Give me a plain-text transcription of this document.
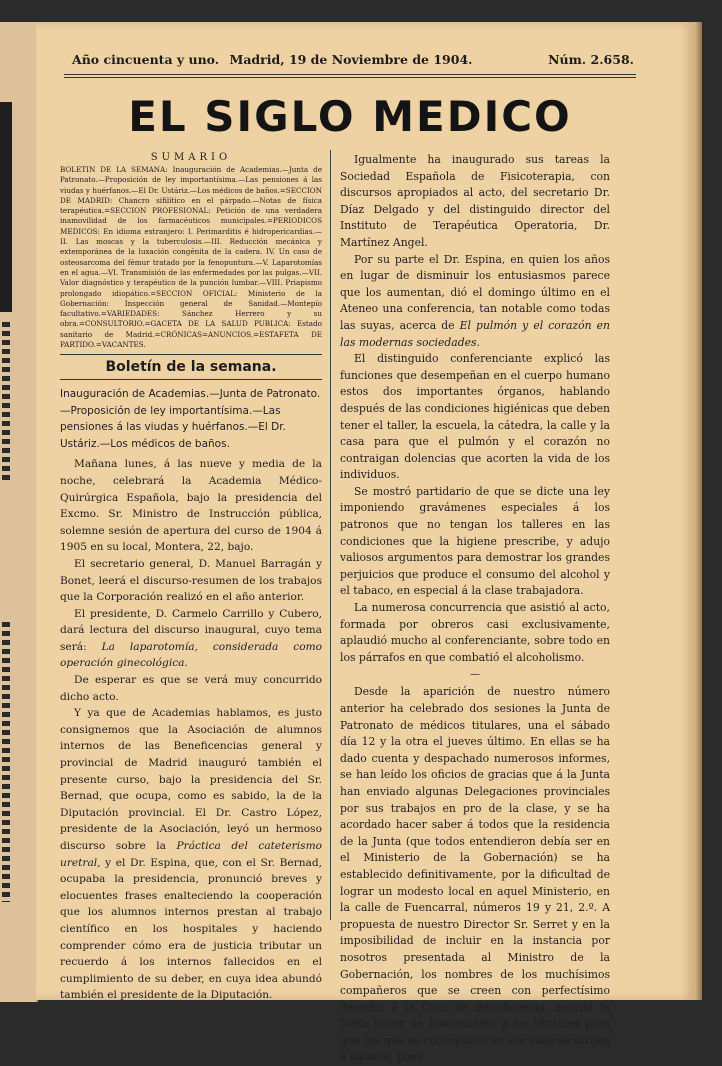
Año cincuenta y uno. Madrid, 19 de Noviembre de 1904.	Núm. 2.658.
EL SIGLO MEDICO
SUMARIO

BOLETIN DE LA SEMANA: Inauguración de Academias.—Junta de Patronato.—Proposición de ley importantísima.—Las pensiones á las viudas y huérfanos.—El Dr. Ustáriz.—Los médicos de baños.=SECCION DE MADRID: Chancro sifilítico en el párpado.—Notas de física terapéutica.=SECCION PROFESIONAL: Petición de una verdadera inamovilidad de los farmacéuticos municipales.=PERIODICOS MEDICOS: En idioma extranjero: I. Perimarditis é hidropericardias.—II. Las moscas y la tuberculosis.—III. Reducción mecánica y extemporánea de la luxación congénita de la cadera. IV. Un caso de osteosarcoma del fémur tratado por la fenopuntura.—V. Laparotomías en el agua.—VI. Transmisión de las enfermedades por las pulgas.—VII. Valor diagnóstico y terapéutico de la punción lumbar.—VIII. Priapismo prolongado idiopático.=SECCION OFICIAL: Ministerio de la Gobernación: Inspección general de Sanidad.—Montepío facultativo.=VARIEDADES: Sánchez Herrero y su obra.=CONSULTORIO.=GACETA DE LA SALUD PUBLICA: Estado sanitario de Madrid.=CRÓNICAS=ANUNCIOS.=ESTAFETA DE PARTIDO.=VACANTES.

Boletín de la semana.

Inauguración de Academias.—Junta de Patronato.—Proposición de ley importantísima.—Las pensiones á las viudas y huérfanos.—El Dr. Ustáriz.—Los médicos de baños.

Mañana lunes, á las nueve y media de la noche, celebrará la Academia Médico-Quirúrgica Española, bajo la presidencia del Excmo. Sr. Ministro de Instrucción pública, solemne sesión de apertura del curso de 1904 á 1905 en su local, Montera, 22, bajo.

El secretario general, D. Manuel Barragán y Bonet, leerá el discurso-resumen de los trabajos que la Corporación realizó en el año anterior.

El presidente, D. Carmelo Carrillo y Cubero, dará lectura del discurso inaugural, cuyo tema será: La laparotomía, considerada como operación ginecológica.

De esperar es que se verá muy concurrido dicho acto.

Y ya que de Academias hablamos, es justo consignemos que la Asociación de alumnos internos de las Beneficencias general y provincial de Madrid inauguró también el presente curso, bajo la presidencia del Sr. Bernad, que ocupa, como es sabido, la de la Diputación provincial. El Dr. Castro López, presidente de la Asociación, leyó un hermoso discurso sobre la Práctica del cateterismo uretral, y el Dr. Espina, que, con el Sr. Bernad, ocupaba la presidencia, pronunció breves y elocuentes frases enalteciendo la cooperación que los alumnos internos prestan al trabajo científico en los hospitales y haciendo comprender cómo era de justicia tributar un recuerdo á los internos fallecidos en el cumplimiento de su deber, en cuya idea abundó también el presidente de la Diputación.

Igualmente ha inaugurado sus tareas la Sociedad Española de Fisicoterapia, con discursos apropiados al acto, del secretario Dr. Díaz Delgado y del distinguido director del Instituto de Terapéutica Operatoria, Dr. Martínez Angel.

Por su parte el Dr. Espina, en quien los años en lugar de disminuir los entusiasmos parece que los aumentan, dió el domingo último en el Ateneo una conferencia, tan notable como todas las suyas, acerca de El pulmón y el corazón en las modernas sociedades.

El distinguido conferenciante explicó las funciones que desempeñan en el cuerpo humano estos dos importantes órganos, hablando después de las condiciones higiénicas que deben tener el taller, la escuela, la cátedra, la calle y la casa para que el pulmón y el corazón no contraigan dolencias que acorten la vida de los individuos.

Se mostró partidario de que se dicte una ley imponiendo gravámenes especiales á los patronos que no tengan los talleres en las condiciones que la higiene prescribe, y adujo valiosos argumentos para demostrar los grandes perjuicios que produce el consumo del alcohol y el tabaco, en especial á la clase trabajadora.

La numerosa concurrencia que asistió al acto, formada por obreros casi exclusivamente, aplaudió mucho al conferenciante, sobre todo en los párrafos en que combatió el alcoholismo.

—

Desde la aparición de nuestro número anterior ha celebrado dos sesiones la Junta de Patronato de médicos titulares, una el sábado día 12 y la otra el jueves último. En ellas se ha dado cuenta y despachado numerosos informes, se han leído los oficios de gracias que á la Junta han enviado algunas Delegaciones provinciales por sus trabajos en pro de la clase, y se ha acordado hacer saber á todos que la residencia de la Junta (que todos entendieron debía ser en el Ministerio de la Gobernación) se ha establecido definitivamente, por la dificultad de lograr un modesto local en aquel Ministerio, en la calle de Fuencarral, números 19 y 21, 2.º. A propuesta de nuestro Director Sr. Serret y en la imposibilidad de incluir en la instancia por nosotros presentada al Ministro de la Gobernación, los nombres de los muchísimos compañeros que se creen con perfectísimo derecho á la Cruz de Beneficencia, acordó la Junta hacer un llamamiento á los titulares para que los que se conceptúen en ese caso se dirijan á aquella, pues
